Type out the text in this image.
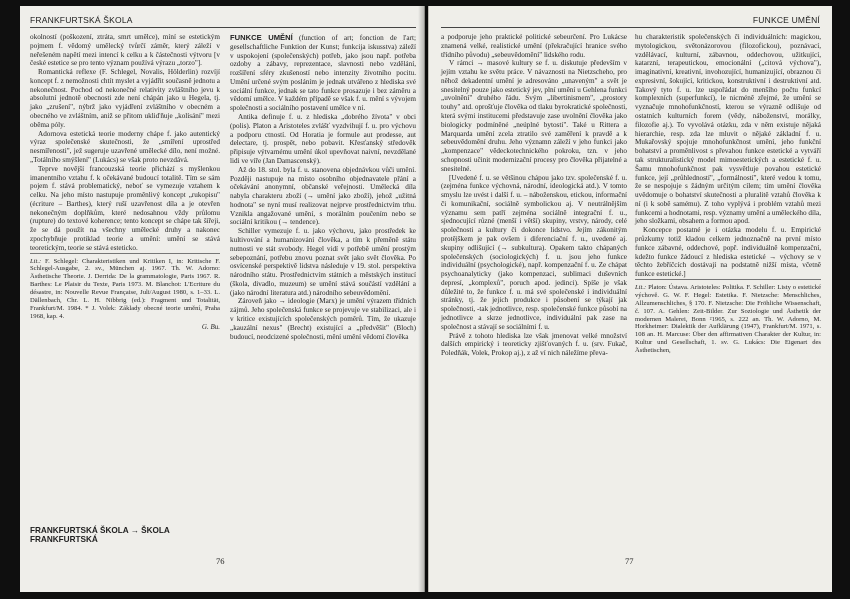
FRANKFURTSKÁ ŠKOLA

okolností (poškození, ztráta, smrt umělce), míní se estetickým pojmem f. vědomý umělecký tvůrčí záměr, který záleží v neřešeném napětí mezi intencí k celku a k částečnosti výtvoru [v české estetice se pro tento význam používá výrazu „torzo"].

Romantická reflexe (F. Schlegel, Novalis, Hölderlin) rozvíjí koncept f. z nemožnosti chtít myslet a vyjádřit současně jednotu a nekonečnost. Pochod od nekonečné relativity zvláštního jevu k absolutní jednotě obecnosti zde není chápán jako u Hegela, tj. jako „zrušení", nýbrž jako vyjádření zvláštního v obecném a obecného ve zvláštním, aniž se přitom ukliďňuje „kolísání" mezi oběma póly.

Adornova estetická teorie moderny chápe f. jako autentický výraz společenské skutečnosti, že „smíření uprostřed nesmířenosti", jež sugeruje uzavřené umělecké dílo, není možné. „Totálního smýšlení" (Lukács) se však proto nevzdává.

Teprve novější francouzská teorie přichází s myšlenkou imanentního vztahu f. k očekávané budoucí totalitě. Tím se sám pojem f. stává problematický, neboť se vymezuje vztahem k celku. Na jeho místo nastupuje proměnlivý koncept „rukopisu" (écriture – Barthes), který ruší uzavřenost díla a je otevřen nekonečným doplňkům, které nedosahnou vždy průlomu (rupture) do textové koherence; tento koncept se chápe tak šířeji, že se dá použít na všechny umělecké druhy a nakonec zpochybňuje protiklad teorie a umění: umění se stává teoretickým, teorie se stává esteticko.

Lit.: F. Schlegel: Charakteristiken und Kritiken I, in: Kritische F. Schlegel-Ausgabe, 2. sv., München aj. 1967. Th. W. Adorno: Ästhetische Theorie. J. Derrida: De la grammatologie, Paris 1967. R. Barthes: Le Plaisir du Texte, Paris 1973. M. Blanchot: L'Ecriture du désastre, in: Nouvelle Revue Française, Juli/August 1980, s. 1–33. L. Dällenbach, Chr. L. H. Nibbrig (ed.): Fragment und Totalität, Frankfurt/M. 1984. * J. Volek: Základy obecné teorie umění, Praha 1968, kap. 4.

G. Bu.
FRANKFURTSKÁ ŠKOLA → ŠKOLA FRANKFURTSKÁ

FUNKCE UMĚNÍ (function of art; fonction de l'art; gesellschaftliche Funktion der Kunst; funkcija iskusstva) záleží v uspokojení (společenských) potřeb, jako jsou např. potřeba ozdoby a zábavy, reprezentace, slavnosti nebo vzdělání, rozšíření sféry zkušeností nebo intenzity životního pocitu. Umění určené svým posláním je jednak utvářeno z hlediska své sociální funkce, jednak se tato funkce prosazuje i bez záměru a vědomí umělce. V každém případě se však f. u. mění s vývojem společnosti a sociálního postavení umělce v ní.

Antika definuje f. u. z hlediska „dobrého žívota" v obci (polis). Platon a Aristoteles zvlášť vyzdvihují f. u. pro výchovu a podporu ctností. Od Horatia je formule aut prodesse, aut delectare, tj. prospět, nebo pobavit. Křesťanský středověk připisuje výtvarnému umění úkol upevňovat naivní, nevzdělané lidi ve víře (Jan Damascenský).

Až do 18. stol. byla f. u. stanovena objednávkou vůči umění. Později nastupuje na místo osobního objednavatele přání a očekávání anonymní, občanské veřejnosti. Umělecká díla nabyla charakteru zboží (→ umění jako zboží), jehož „užitná hodnota" se nyní musí realizovat nejprve prostřednictvím trhu. Vznikla angažované umění, s morálním poučením nebo se sociální kritikou (→ tendence).

Schiller vymezuje f. u. jako výchovu, jako prostředek ke kultivování a humanizování člověka, a tím k přeměně státu nutnosti ve stát svobody. Hegel vidí v potřebě umění prostým sebepoznání, potřebu znovu poznat svět jako svět člověka. Po osvícenské perspektivě lidstva následuje v 19. stol. perspektiva národního státu. Prostřednictvím státních a městských institucí (škola, divadlo, muzeum) se umění stává součástí vzdělání a (jako národní literatura atd.) národního sebeuvědomění.

Zároveň jako → ideologie (Marx) je umění výrazem třídních zájmů. Jeho společenská funkce se projevuje ve stabilizaci, ale i v kritice existujících společenských poměrů. Tím, že ukazuje „kauzální nexus" (Brecht) existující a „předvěšit" (Bloch) budoucí, neodcizené společnosti, mění umění vědomí člověka

76
FUNKCE UMĚNÍ

a podporuje jeho praktické politické sebeurčení. Pro Lukácse znamená velké, realistické umění (překračující hranice svého třídního původu) „sebeuvědomění" lidského rodu.

V rámci → masové kultury se f. u. diskutuje především v jejím vztahu ke světu práce. V návaznosti na Nietzscheho, pro něhož dekadentní umění je adresováno „unaveným" a svět je snesitelný pouze jako estetický jev, plní umění u Gehlena funkci „uvolnění" druhého řádu. Svým „libertinismem", „prostory touhy" atd. oprošťuje člověka od tlaku byrokratické společnosti, která svými institucemi představuje zase uvolnění člověka jako biologicky podmíněné „neúplné bytosti". Také u Rittera a Marquarda umění zcela ztratilo své zaměření k pravdě a k sebeuvědomění druhu. Jeho významn záleží v jeho funkci jako „kompenzace" vědeckotechnického pokroku, tzn. v jeho schopnosti učinit modernizační procesy pro člověka přijatelné a snesitelné.

[Uvedené f. u. se většinou chápou jako tzv. společenské f. u. (zejména funkce výchovná, národní, ideologická atd.). V tomto smyslu lze uvést i další f. u. – náboženskou, etickou, informační či komunikační, sociálně symbolickou aj. V neutrálnějším významu sem patří zejména sociálně integrační f. u., sjednocující různé (menší i větší) skupiny, vrstvy, národy, celé společnosti a kultury či dokonce lidstvo. Jejím zákonitým protějškem je pak ovšem i diferenciační f. u., uvedené aj. skupiny odlišující (→ subkultura). Opakem takto chápaných společenských (sociologických) f. u. jsou jeho funkce individuální (psychologické), např. kompenzační f. u. Ze chápat psychoanalyticky (jako kompenzaci, sublimaci duševních depresí, „komplexů", poruch apod. jedinci). Spíše je však důležité to, že funkce f. u. má své společenské i individuální stránky, tj. že jejich produkce i působení se týkají jak společnosti, -tak jednotlivce, resp. společenské funkce působí na jednotlivce a skrze jednotlivce, individuální pak zase na společnost a stávají se sociálními f. u.

Právě z tohoto hlediska lze však jmenovat velké množství dalších empirický i teoreticky zjišťovaných f. u. (srv. Fukač, Poledňák, Volek, Prokop aj.), z až ví nich náležíme převa-

hu charakteristik společenských či individuálních: magickou, mytologickou, světonázorovou (filozofickou), poznávací, vzdělávací, kulturní, zábavnou, oddechovou, užitkující, katarzní, terapeutickou, emocionální („citová výchova"), imaginativní, kreativní, invohozující, humanizující, obraznou či expresivní, šokující, kritickou, konstruktivní i destruktivní atd. Takový tyto f. u. lze uspořádat do menšího počtu funkcí komplexních (superfunkcí), le nicméně zřejmé, že umění se vyznačuje mnohofunkčností, kterou se výrazně odlišuje od ostatních kulturních forem (vědy, náboženství, morálky, filozofie aj.). To vyvolává otázku, zda v něm existuje nějaká hierarchie, resp. zda lze mluvit o nějaké základní f. u. Mukařovský spojuje mnohofunkčnost umění, jeho funkční bohatství a proměnlivost s převahou funkce estetické a vytváří tak strukturalistický model mimoestetických a estetické f. u. Šamu mnohofunkčnost pak vysvětluje povahou estetické funkce, její „průhledností", „formálností", které vedou k tomu, že se nespojuje s žádným určitým cílem; tím umění člověka uvědomuje o bohatství skutečnosti a pluralitě vztahů člověka k ní (i k sobě samému). Z toho vyplývá i problém vztahů mezi funkcemi a hodnotami, resp. významy umění a uměleckého díla, jeho složkami, obsahem a formou apod.

Koncepce postatné je i otázka modelu f. u. Empirické průzkumy totiž kladou celkem jednoznačně na první místo funkce zábavné, oddechové, popř. individuálně kompenzační, kdežto funkce žádoucí z hlediska estetické → výchovy se v těchto žebříčcích dostávají na podstatně nižší místa, včetně funkce estetické.]

Lit.: Platon: Ústava. Aristoteles: Politika. F. Schiller: Listy o estetické výchově. G. W. F. Hegel: Estetika. F. Nietzsche: Menschliches, Allzumenschliches, § 170. F. Nietzsche: Die Fröhliche Wissenschaft, č. 107. A. Gehlen: Zeit-Bilder. Zur Soziologie und Ästhetik der modernen Malerei, Bonn ²1965, s. 222 an. Th. W. Adorno, M. Horkheimer: Dialektik der Aufklärung (1947), Frankfurt/M. 1971, s. 108 an. H. Marcuse: Über den affirmativen Charakter der Kultur, in: Kultur und Gesellschaft, 1. sv. G. Lukács: Die Eigenart des Ästhetischen,

77
